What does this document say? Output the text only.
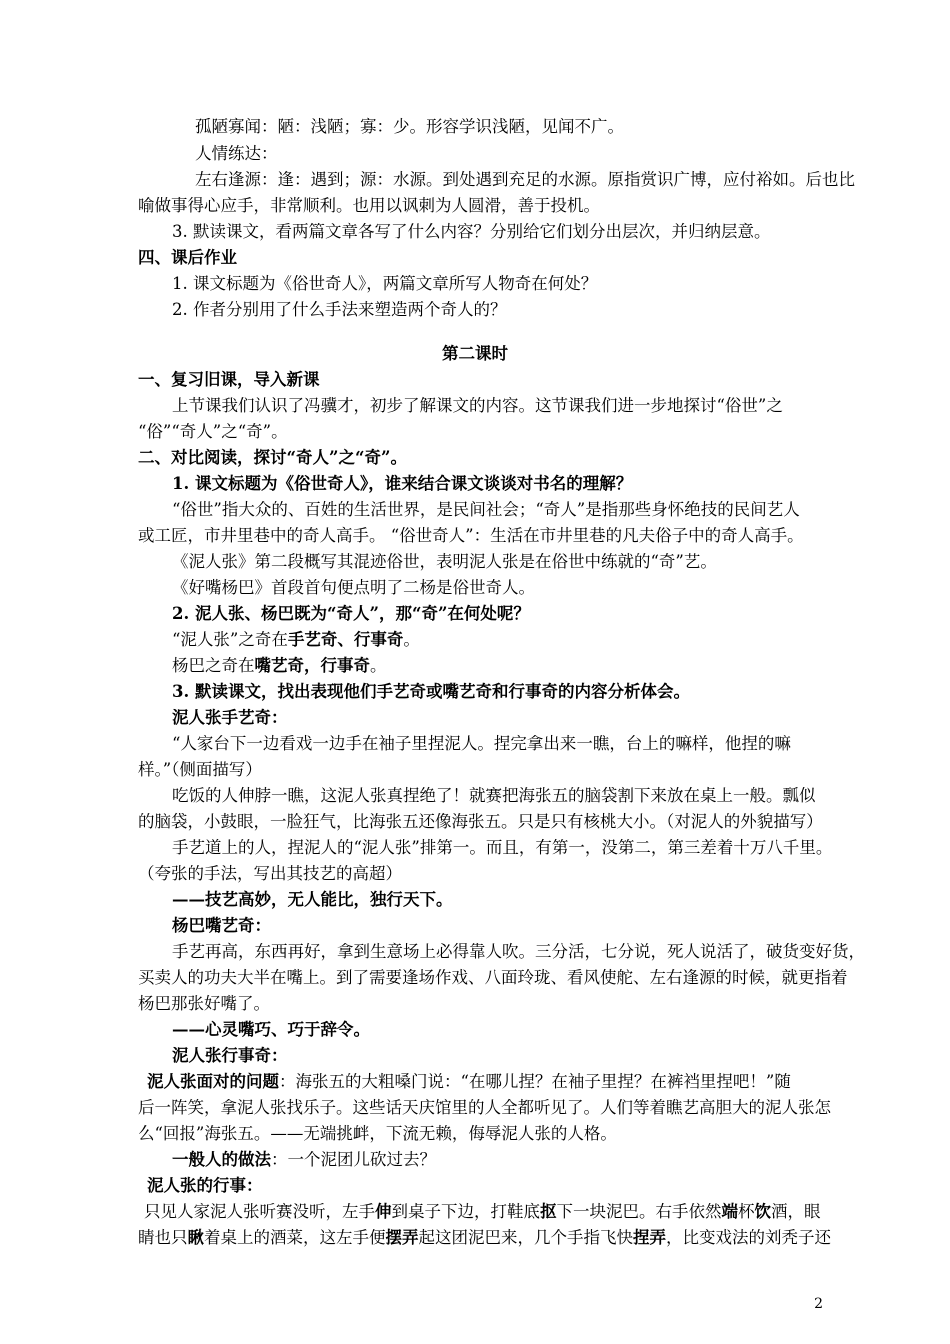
孤陋寡闻：陋：浅陋；寡：少。形容学识浅陋，见闻不广。
人情练达：
左右逢源：逢：遇到；源：水源。到处遇到充足的水源。原指赏识广博，应付裕如。后也比
喻做事得心应手，非常顺利。也用以讽刺为人圆滑，善于投机。
3. 默读课文，看两篇文章各写了什么内容？分别给它们划分出层次，并归纳层意。
四、课后作业
1. 课文标题为《俗世奇人》，两篇文章所写人物奇在何处？
2. 作者分别用了什么手法来塑造两个奇人的？
第二课时
一、复习旧课，导入新课
上节课我们认识了冯骥才，初步了解课文的内容。这节课我们进一步地探讨“俗世”之
“俗”“奇人”之“奇”。
二、对比阅读，探讨“奇人”之“奇”。
1. 课文标题为《俗世奇人》，谁来结合课文谈谈对书名的理解？
“俗世”指大众的、百姓的生活世界，是民间社会；“奇人”是指那些身怀绝技的民间艺人
或工匠，市井里巷中的奇人高手。 “俗世奇人”：生活在市井里巷的凡夫俗子中的奇人高手。
《泥人张》第二段概写其混迹俗世，表明泥人张是在俗世中练就的“奇”艺。
《好嘴杨巴》首段首句便点明了二杨是俗世奇人。
2. 泥人张、杨巴既为“奇人”，那“奇”在何处呢？
“泥人张”之奇在手艺奇、行事奇。
杨巴之奇在嘴艺奇，行事奇。
3. 默读课文，找出表现他们手艺奇或嘴艺奇和行事奇的内容分析体会。
泥人张手艺奇：
“人家台下一边看戏一边手在袖子里捏泥人。捏完拿出来一瞧，台上的嘛样，他捏的嘛
样。”（侧面描写）
吃饭的人伸脖一瞧，这泥人张真捏绝了！就赛把海张五的脑袋割下来放在桌上一般。瓢似
的脑袋，小鼓眼，一脸狂气，比海张五还像海张五。只是只有核桃大小。（对泥人的外貌描写）
手艺道上的人，捏泥人的“泥人张”排第一。而且，有第一，没第二，第三差着十万八千里。
（夸张的手法，写出其技艺的高超）
——技艺高妙，无人能比，独行天下。
杨巴嘴艺奇：
手艺再高，东西再好，拿到生意场上必得靠人吹。三分活，七分说，死人说活了，破货变好货，
买卖人的功夫大半在嘴上。到了需要逢场作戏、八面玲珑、看风使舵、左右逢源的时候，就更指着
杨巴那张好嘴了。
——心灵嘴巧、巧于辞令。
泥人张行事奇：
泥人张面对的问题：海张五的大粗嗓门说：“在哪儿捏？在袖子里捏？在裤裆里捏吧！”随
后一阵笑，拿泥人张找乐子。这些话天庆馆里的人全都听见了。人们等着瞧艺高胆大的泥人张怎
么“回报”海张五。——无端挑衅，下流无赖，侮辱泥人张的人格。
一般人的做法：一个泥团儿砍过去？
泥人张的行事：
只见人家泥人张听赛没听，左手伸到桌子下边，打鞋底抠下一块泥巴。右手依然端杯饮酒，眼
睛也只瞅着桌上的酒菜，这左手便摆弄起这团泥巴来，几个手指飞快捏弄，比变戏法的刘秃子还
2
